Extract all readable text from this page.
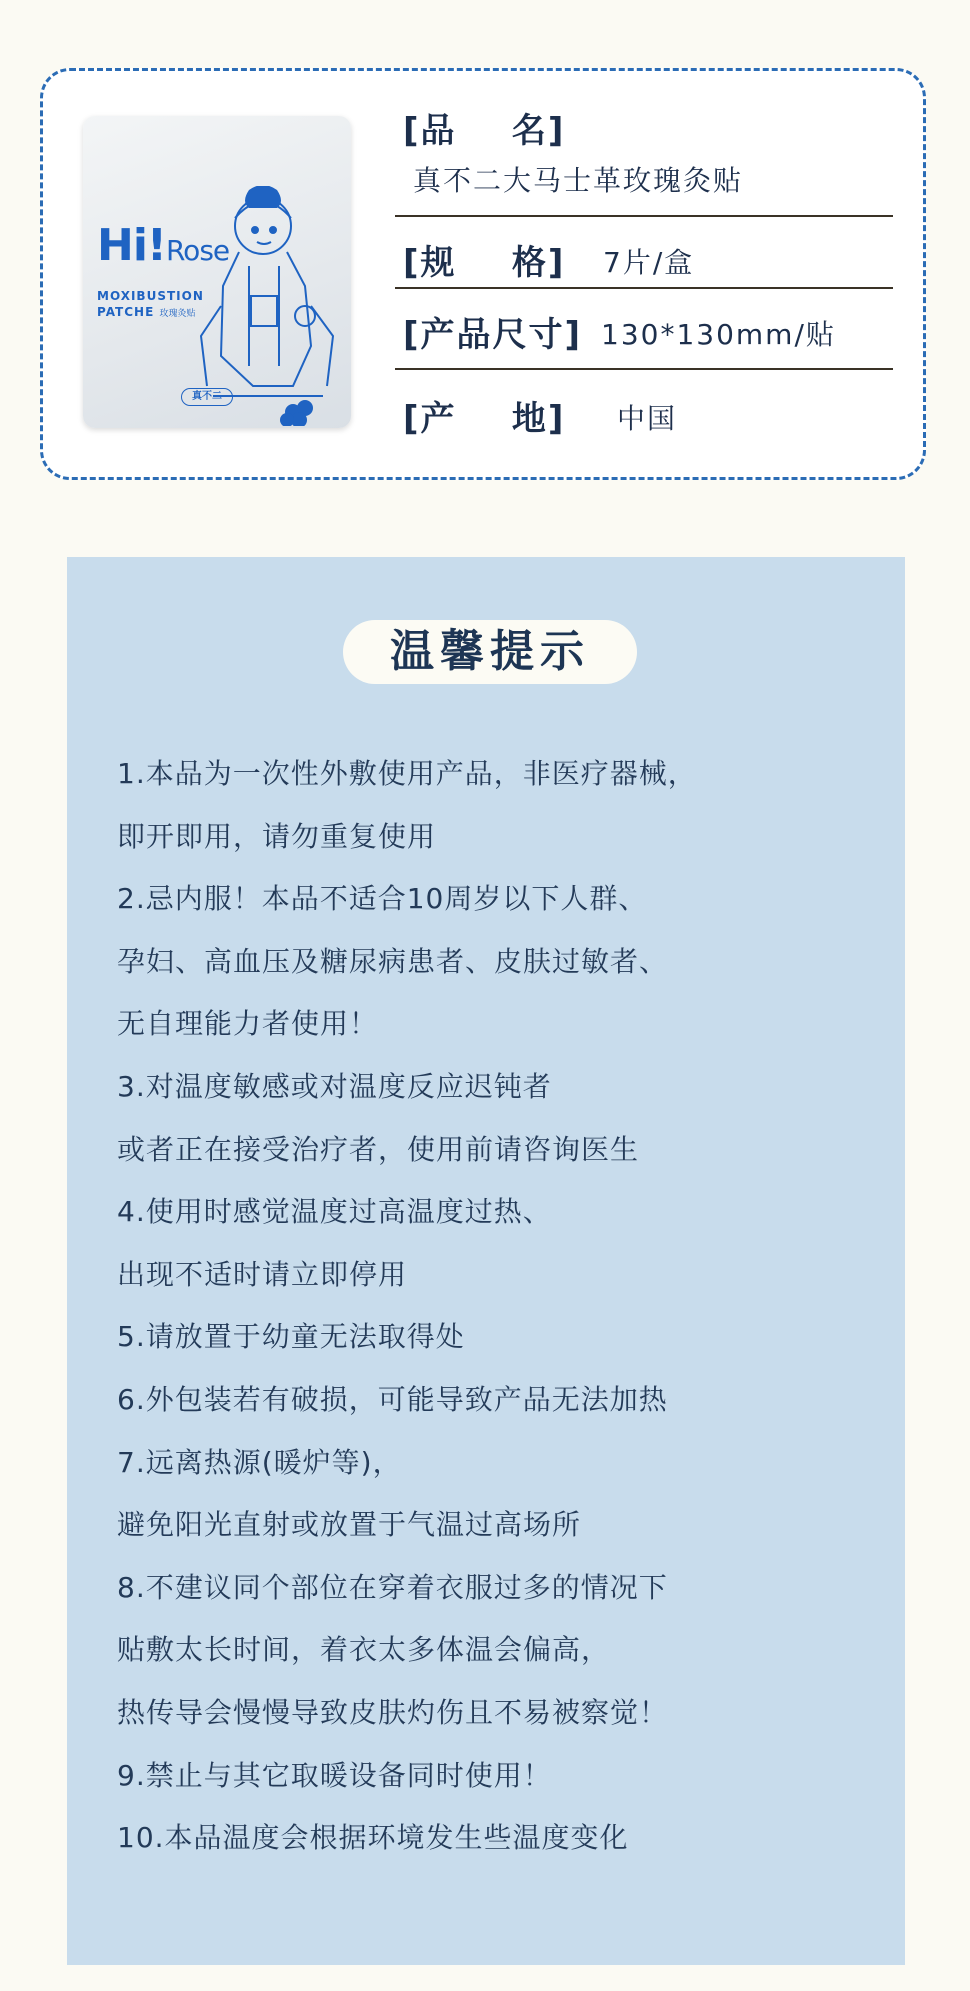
Hi!Rose
MOXIBUSTION
PATCHE 玫瑰灸贴
真不二
[品    名]
真不二大马士革玫瑰灸贴
[规    格] 7片/盒
[产品尺寸] 130*130mm/贴
[产    地] 中国
温馨提示
1.本品为一次性外敷使用产品，非医疗器械，
即开即用，请勿重复使用
2.忌内服！本品不适合10周岁以下人群、
孕妇、高血压及糖尿病患者、皮肤过敏者、
无自理能力者使用！
3.对温度敏感或对温度反应迟钝者
或者正在接受治疗者，使用前请咨询医生
4.使用时感觉温度过高温度过热、
出现不适时请立即停用
5.请放置于幼童无法取得处
6.外包装若有破损，可能导致产品无法加热
7.远离热源(暖炉等)，
避免阳光直射或放置于气温过高场所
8.不建议同个部位在穿着衣服过多的情况下
贴敷太长时间，着衣太多体温会偏高，
热传导会慢慢导致皮肤灼伤且不易被察觉！
9.禁止与其它取暖设备同时使用！
10.本品温度会根据环境发生些温度变化
